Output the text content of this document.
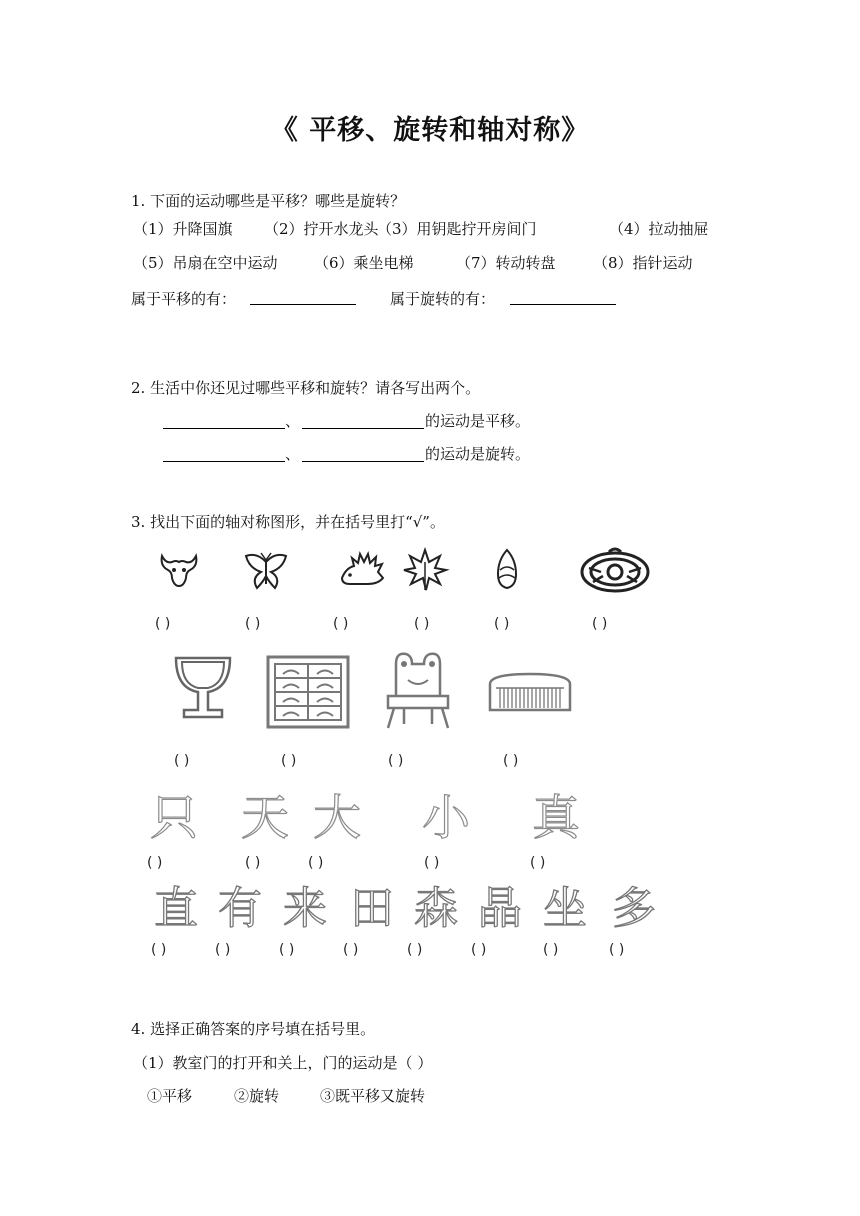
《 平移、旋转和轴对称》
1. 下面的运动哪些是平移？哪些是旋转？
（1）升降国旗 （2）拧开水龙头
（3）用钥匙拧开房间门	（4）拉动抽屉
（5）吊扇在空中运动 （6）乘坐电梯	（7）转动转盘 （8）指针运动
属于平移的有：	属于旋转的有：
2. 生活中你还见过哪些平移和旋转？请各写出两个。
、	的运动是平移。
、	的运动是旋转。
3. 找出下面的轴对称图形，并在括号里打“√”。
( )	( )	( )	( )	( )	( )
( )	( )	( )	( )
只 天 大 小 真
( )	( )	( )	( )	( )
直 有 来 田 森 晶 坐 多
( )	( )	( )	( )	( )	( )	( )	( )
4. 选择正确答案的序号填在括号里。
（1）教室门的打开和关上，门的运动是（ ）
①平移	②旋转	③既平移又旋转
